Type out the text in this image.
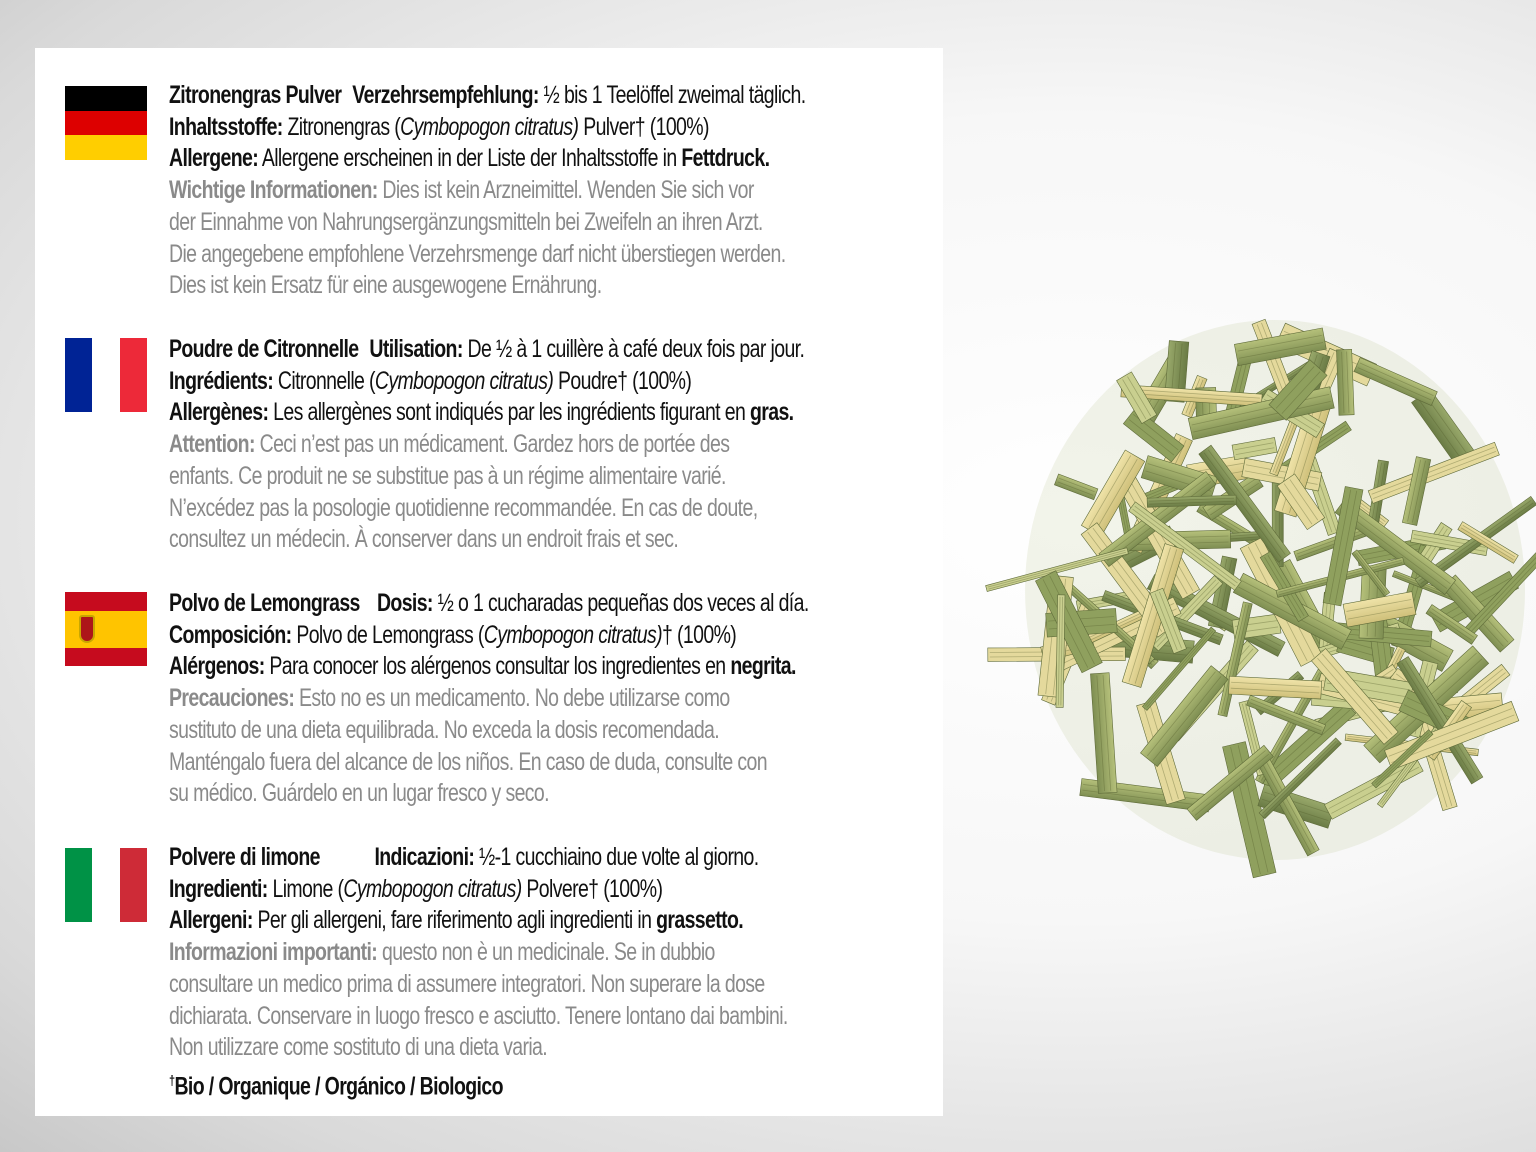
Zitronengras Pulver Verzehrsempfehlung: ½ bis 1 Teelöffel zweimal täglich.
Inhaltsstoffe: Zitronengras (Cymbopogon citratus) Pulver† (100%)
Allergene: Allergene erscheinen in der Liste der Inhaltsstoffe in Fettdruck.
Wichtige Informationen: Dies ist kein Arzneimittel. Wenden Sie sich vor
der Einnahme von Nahrungsergänzungsmitteln bei Zweifeln an ihren Arzt.
Die angegebene empfohlene Verzehrsmenge darf nicht überstiegen werden.
Dies ist kein Ersatz für eine ausgewogene Ernährung.
Poudre de Citronnelle Utilisation: De ½ à 1 cuillère à café deux fois par jour.
Ingrédients: Citronnelle (Cymbopogon citratus) Poudre† (100%)
Allergènes: Les allergènes sont indiqués par les ingrédients figurant en gras.
Attention: Ceci n’est pas un médicament. Gardez hors de portée des
enfants. Ce produit ne se substitue pas à un régime alimentaire varié.
N’excédez pas la posologie quotidienne recommandée. En cas de doute,
consultez un médecin. À conserver dans un endroit frais et sec.
Polvo de Lemongrass Dosis: ½ o 1 cucharadas pequeñas dos veces al día.
Composición: Polvo de Lemongrass (Cymbopogon citratus)† (100%)
Alérgenos: Para conocer los alérgenos consultar los ingredientes en negrita.
Precauciones: Esto no es un medicamento. No debe utilizarse como
sustituto de una dieta equilibrada. No exceda la dosis recomendada.
Manténgalo fuera del alcance de los niños. En caso de duda, consulte con
su médico. Guárdelo en un lugar fresco y seco.
Polvere di limone Indicazioni: ½-1 cucchiaino due volte al giorno.
Ingredienti: Limone (Cymbopogon citratus) Polvere† (100%)
Allergeni: Per gli allergeni, fare riferimento agli ingredienti in grassetto.
Informazioni importanti: questo non è un medicinale. Se in dubbio
consultare un medico prima di assumere integratori. Non superare la dose
dichiarata. Conservare in luogo fresco e asciutto. Tenere lontano dai bambini.
Non utilizzare come sostituto di una dieta varia.
†Bio / Organique / Orgánico / Biologico
